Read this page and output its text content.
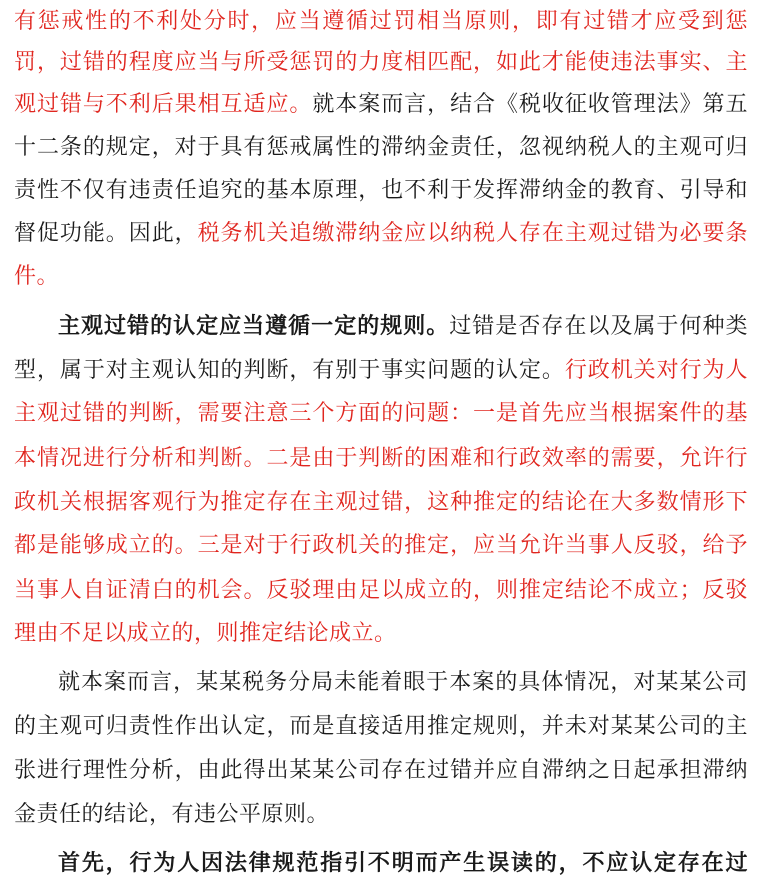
有惩戒性的不利处分时，应当遵循过罚相当原则，即有过错才应受到惩
罚，过错的程度应当与所受惩罚的力度相匹配，如此才能使违法事实、主
观过错与不利后果相互适应。就本案而言，结合《税收征收管理法》第五
十二条的规定，对于具有惩戒属性的滞纳金责任，忽视纳税人的主观可归
责性不仅有违责任追究的基本原理，也不利于发挥滞纳金的教育、引导和
督促功能。因此，税务机关追缴滞纳金应以纳税人存在主观过错为必要条
件。
主观过错的认定应当遵循一定的规则。过错是否存在以及属于何种类
型，属于对主观认知的判断，有别于事实问题的认定。行政机关对行为人
主观过错的判断，需要注意三个方面的问题：一是首先应当根据案件的基
本情况进行分析和判断。二是由于判断的困难和行政效率的需要，允许行
政机关根据客观行为推定存在主观过错，这种推定的结论在大多数情形下
都是能够成立的。三是对于行政机关的推定，应当允许当事人反驳，给予
当事人自证清白的机会。反驳理由足以成立的，则推定结论不成立；反驳
理由不足以成立的，则推定结论成立。
就本案而言，某某税务分局未能着眼于本案的具体情况，对某某公司
的主观可归责性作出认定，而是直接适用推定规则，并未对某某公司的主
张进行理性分析，由此得出某某公司存在过错并应自滞纳之日起承担滞纳
金责任的结论，有违公平原则。
首先，行为人因法律规范指引不明而产生误读的，不应认定存在过
